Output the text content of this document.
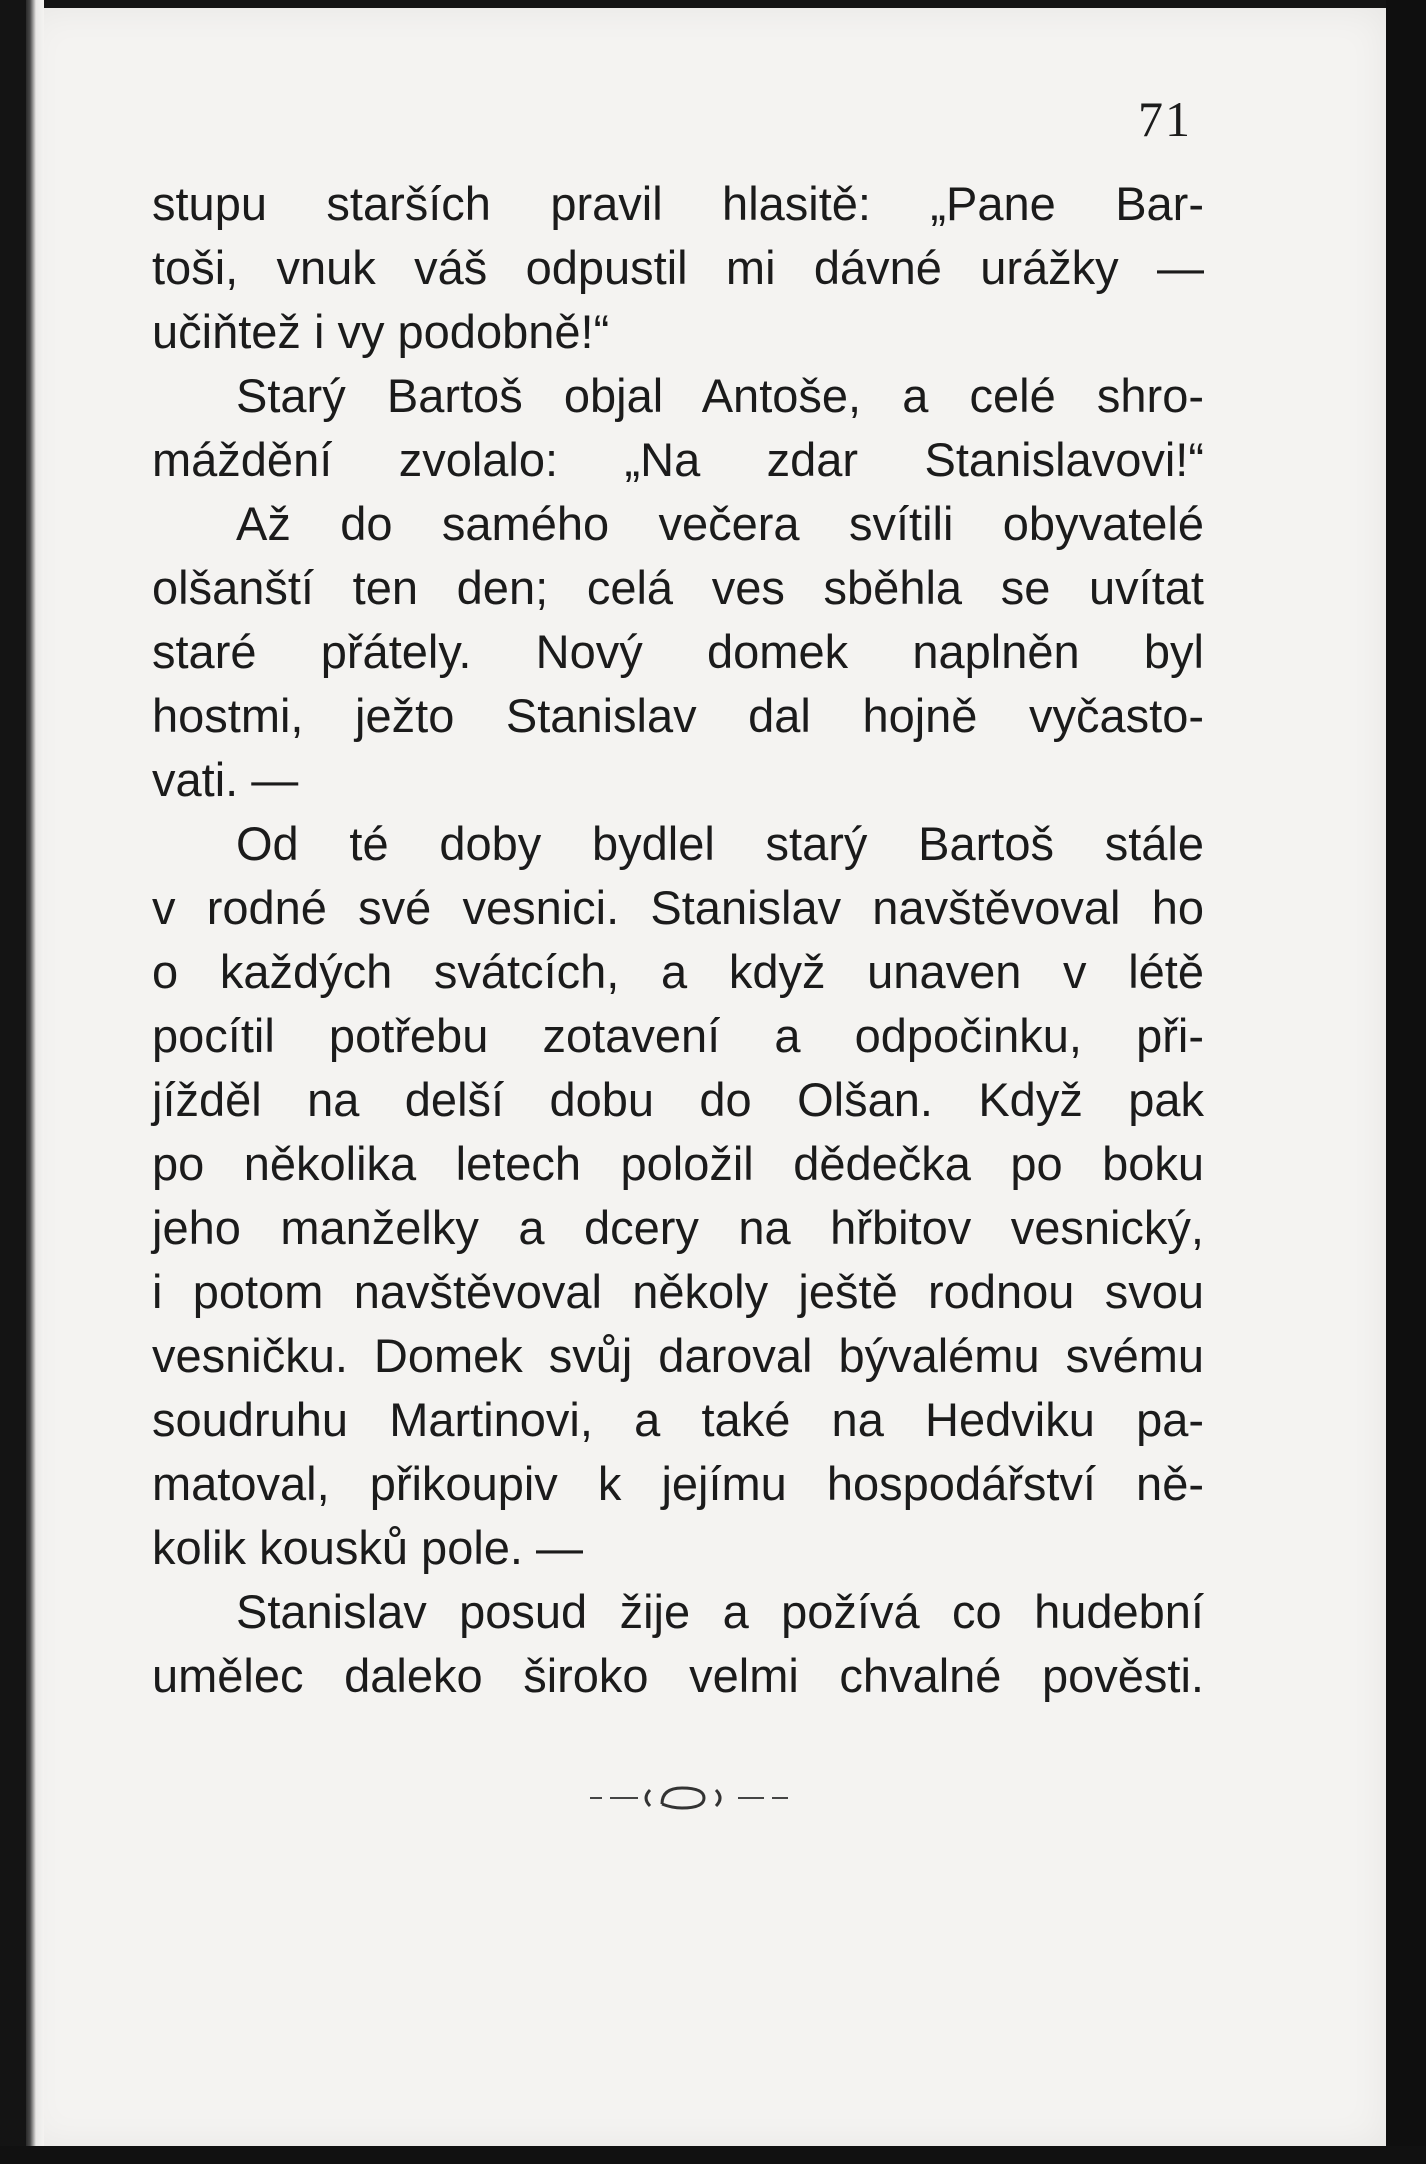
71
stupu starších pravil hlasitě: „Pane Bar-
toši, vnuk váš odpustil mi dávné urážky —
učiňtež i vy podobně!“
Starý Bartoš objal Antoše, a celé shro-
máždění zvolalo: „Na zdar Stanislavovi!“
Až do samého večera svítili obyvatelé
olšanští ten den; celá ves sběhla se uvítat
staré přátely. Nový domek naplněn byl
hostmi, ježto Stanislav dal hojně vyčasto-
vati. —
Od té doby bydlel starý Bartoš stále
v rodné své vesnici. Stanislav navštěvoval ho
o každých svátcích, a když unaven v létě
pocítil potřebu zotavení a odpočinku, při-
jížděl na delší dobu do Olšan. Když pak
po několika letech položil dědečka po boku
jeho manželky a dcery na hřbitov vesnický,
i potom navštěvoval několy ještě rodnou svou
vesničku. Domek svůj daroval bývalému svému
soudruhu Martinovi, a také na Hedviku pa-
matoval, přikoupiv k jejímu hospodářství ně-
kolik kousků pole. —
Stanislav posud žije a požívá co hudební
umělec daleko široko velmi chvalné pověsti.
